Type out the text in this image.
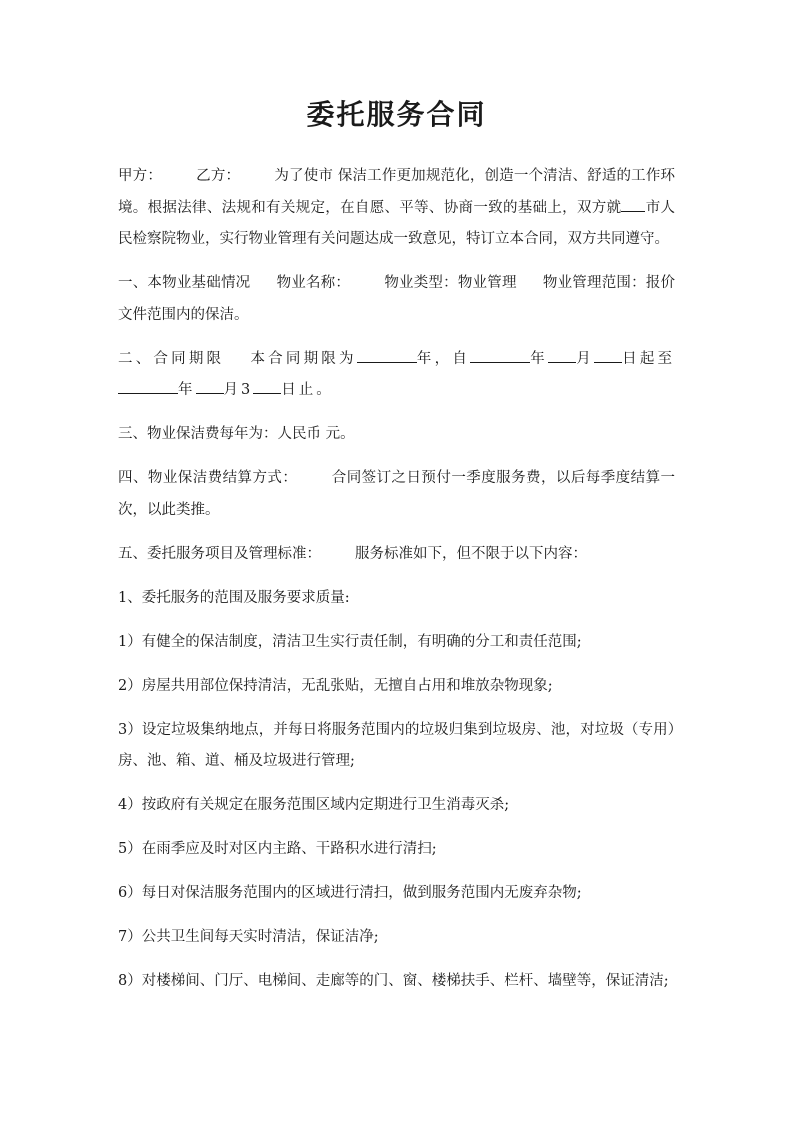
委托服务合同

甲方： 乙方： 为了使市 保洁工作更加规范化，创造一个清洁、舒适的工作环境。根据法律、法规和有关规定，在自愿、平等、协商一致的基础上，双方就 市人民检察院物业，实行物业管理有关问题达成一致意见，特订立本合同，双方共同遵守。

一、本物业基础情况 物业名称： 物业类型：物业管理 物业管理范围：报价文件范围内的保洁。

二、合同期限 本合同期限为	年，自	年 月 日起至年 月3 日止。

三、物业保洁费每年为：人民币 元。

四、物业保洁费结算方式： 合同签订之日预付一季度服务费，以后每季度结算一次，以此类推。

五、委托服务项目及管理标准： 服务标准如下，但不限于以下内容：

1、委托服务的范围及服务要求质量:

1）有健全的保洁制度，清洁卫生实行责任制，有明确的分工和责任范围;

2）房屋共用部位保持清洁，无乱张贴，无擅自占用和堆放杂物现象;

3）设定垃圾集纳地点，并每日将服务范围内的垃圾归集到垃圾房、池，对垃圾（专用）房、池、箱、道、桶及垃圾进行管理;

4）按政府有关规定在服务范围区域内定期进行卫生消毒灭杀;

5）在雨季应及时对区内主路、干路积水进行清扫;

6）每日对保洁服务范围内的区域进行清扫，做到服务范围内无废弃杂物;

7）公共卫生间每天实时清洁，保证洁净;

8）对楼梯间、门厅、电梯间、走廊等的门、窗、楼梯扶手、栏杆、墙壁等，保证清洁;
